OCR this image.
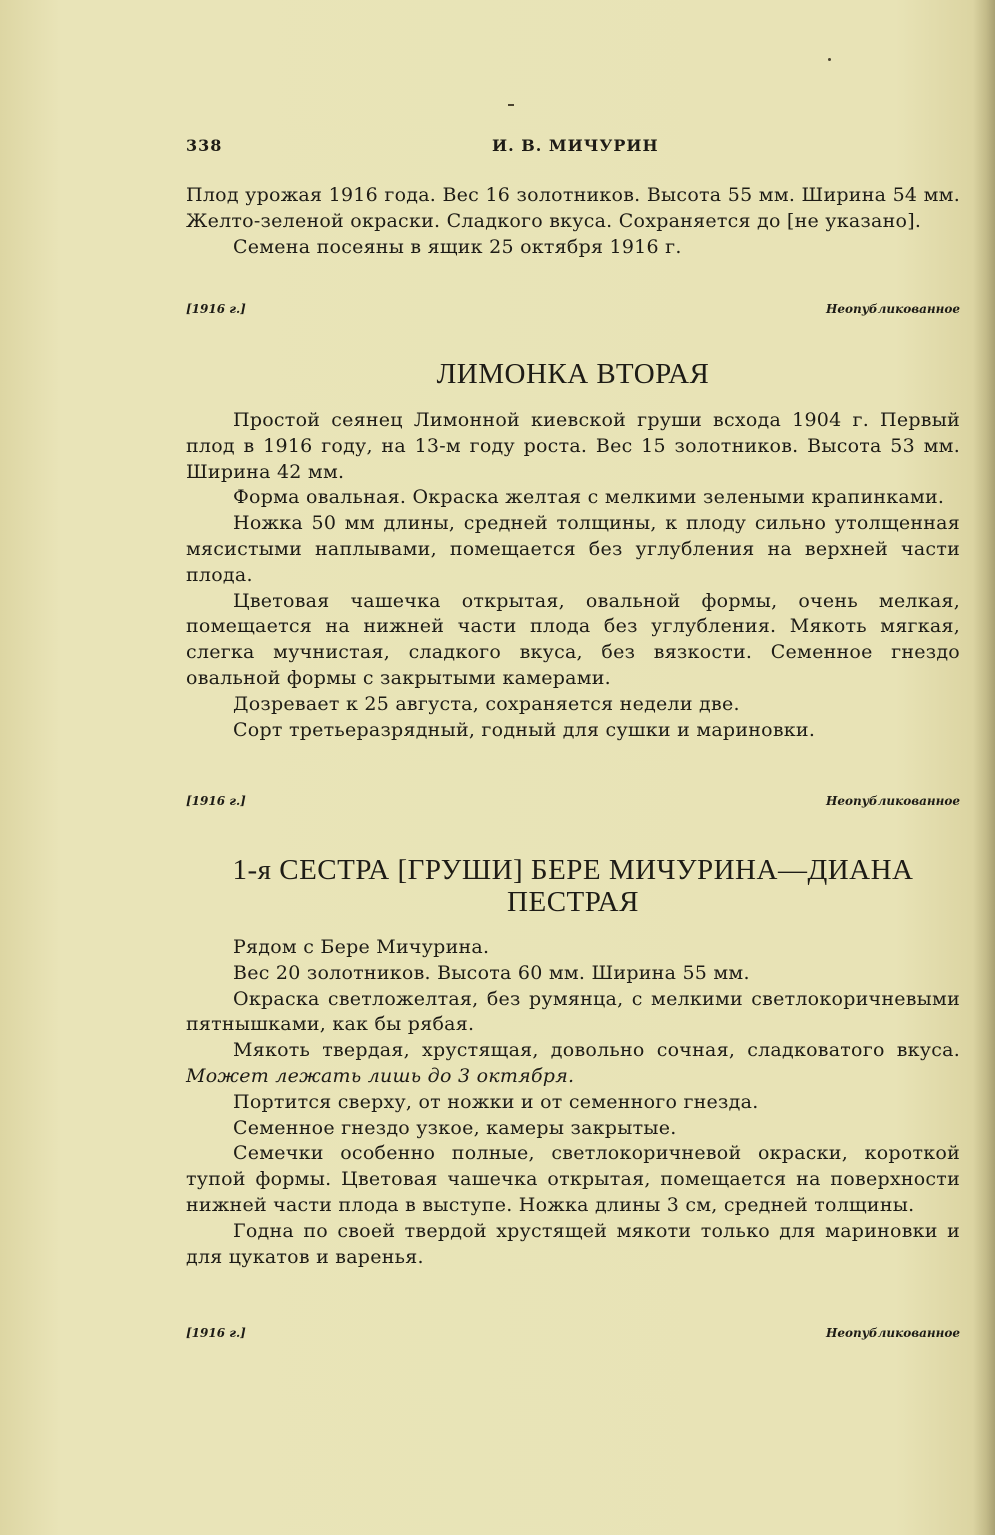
338	И. В. МИЧУРИН

Плод урожая 1916 года. Вес 16 золотников. Высота 55 мм. Ширина 54 мм. Желто-зеленой окраски. Сладкого вкуса. Сохраняется до [не указано].

Семена посеяны в ящик 25 октября 1916 г.

[1916 г.]	Неопубликованное
ЛИМОНКА ВТОРАЯ

Простой сеянец Лимонной киевской груши всхода 1904 г. Первый плод в 1916 году, на 13-м году роста. Вес 15 золотников. Высота 53 мм. Ширина 42 мм.

Форма овальная. Окраска желтая с мелкими зелеными крапинками.

Ножка 50 мм длины, средней толщины, к плоду сильно утолщенная мясистыми наплывами, помещается без углубления на верхней части плода.

Цветовая чашечка открытая, овальной формы, очень мелкая, помещается на нижней части плода без углубления. Мякоть мягкая, слегка мучнистая, сладкого вкуса, без вязкости. Семенное гнездо овальной формы с закрытыми камерами.

Дозревает к 25 августа, сохраняется недели две.

Сорт третьеразрядный, годный для сушки и мариновки.

[1916 г.]	Неопубликованное
1-я СЕСТРА [ГРУШИ] БЕРЕ МИЧУРИНА—ДИАНА
ПЕСТРАЯ

Рядом с Бере Мичурина.

Вес 20 золотников. Высота 60 мм. Ширина 55 мм.

Окраска светложелтая, без румянца, с мелкими светлокоричневыми пятнышками, как бы рябая.

Мякоть твердая, хрустящая, довольно сочная, сладковатого вкуса. Может лежать лишь до 3 октября.

Портится сверху, от ножки и от семенного гнезда.

Семенное гнездо узкое, камеры закрытые.

Семечки особенно полные, светлокоричневой окраски, короткой тупой формы. Цветовая чашечка открытая, помещается на поверхности нижней части плода в выступе. Ножка длины 3 см, средней толщины.

Годна по своей твердой хрустящей мякоти только для мариновки и для цукатов и варенья.

[1916 г.]	Неопубликованное
